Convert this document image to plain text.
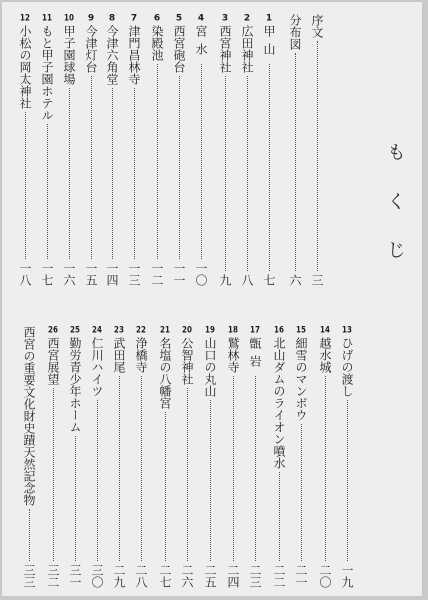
もくじ
序文
三
分布図
六
1
甲山
七
2
広田神社
八
3
西宮神社
九
4
宮水
一〇
5
西宮砲台
一一
6
染殿池
一二
7
津門昌林寺
一三
8
今津六角堂
一四
9
今津灯台
一五
10
甲子園球場
一六
11
もと甲子園ホテル
一七
12
小松の岡太神社
一八
13
ひげの渡し
一九
14
越水城
二〇
15
細雪のマンボウ
二一
16
北山ダムのライオン噴水
二二
17
甑岩
二三
18
鷲林寺
二四
19
山口の丸山
二五
20
公智神社
二六
21
名塩の八幡宮
二七
22
浄橋寺
二八
23
武田尾
二九
24
仁川ハイツ
三〇
25
勤労青少年ホーム
三一
26
西宮展望
三二
西宮の重要文化財史蹟天然記念物
三三
